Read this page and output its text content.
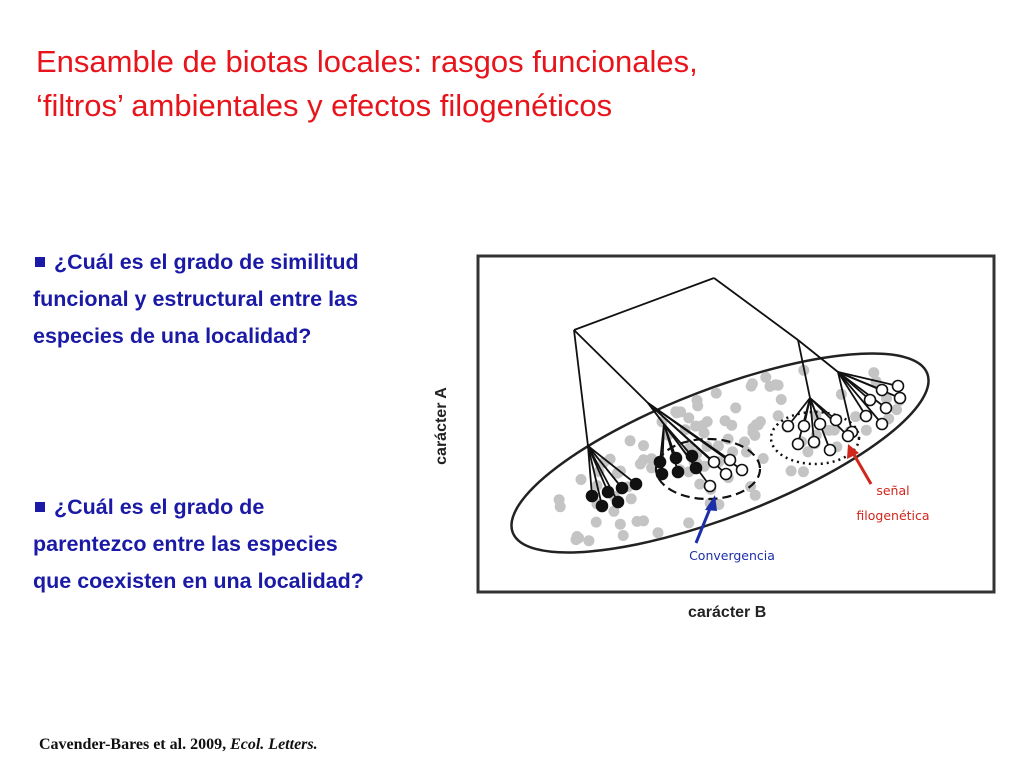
Ensamble de biotas locales: rasgos funcionales,
‘filtros’ ambientales y efectos filogenéticos
¿Cuál es el grado de similitud
funcional y estructural entre las
especies de una localidad?
¿Cuál es el grado de
parentezco entre las especies
que coexisten en una localidad?
carácter A
carácter B
Convergencia
señal
filogenética
Cavender-Bares et al. 2009, Ecol. Letters.
